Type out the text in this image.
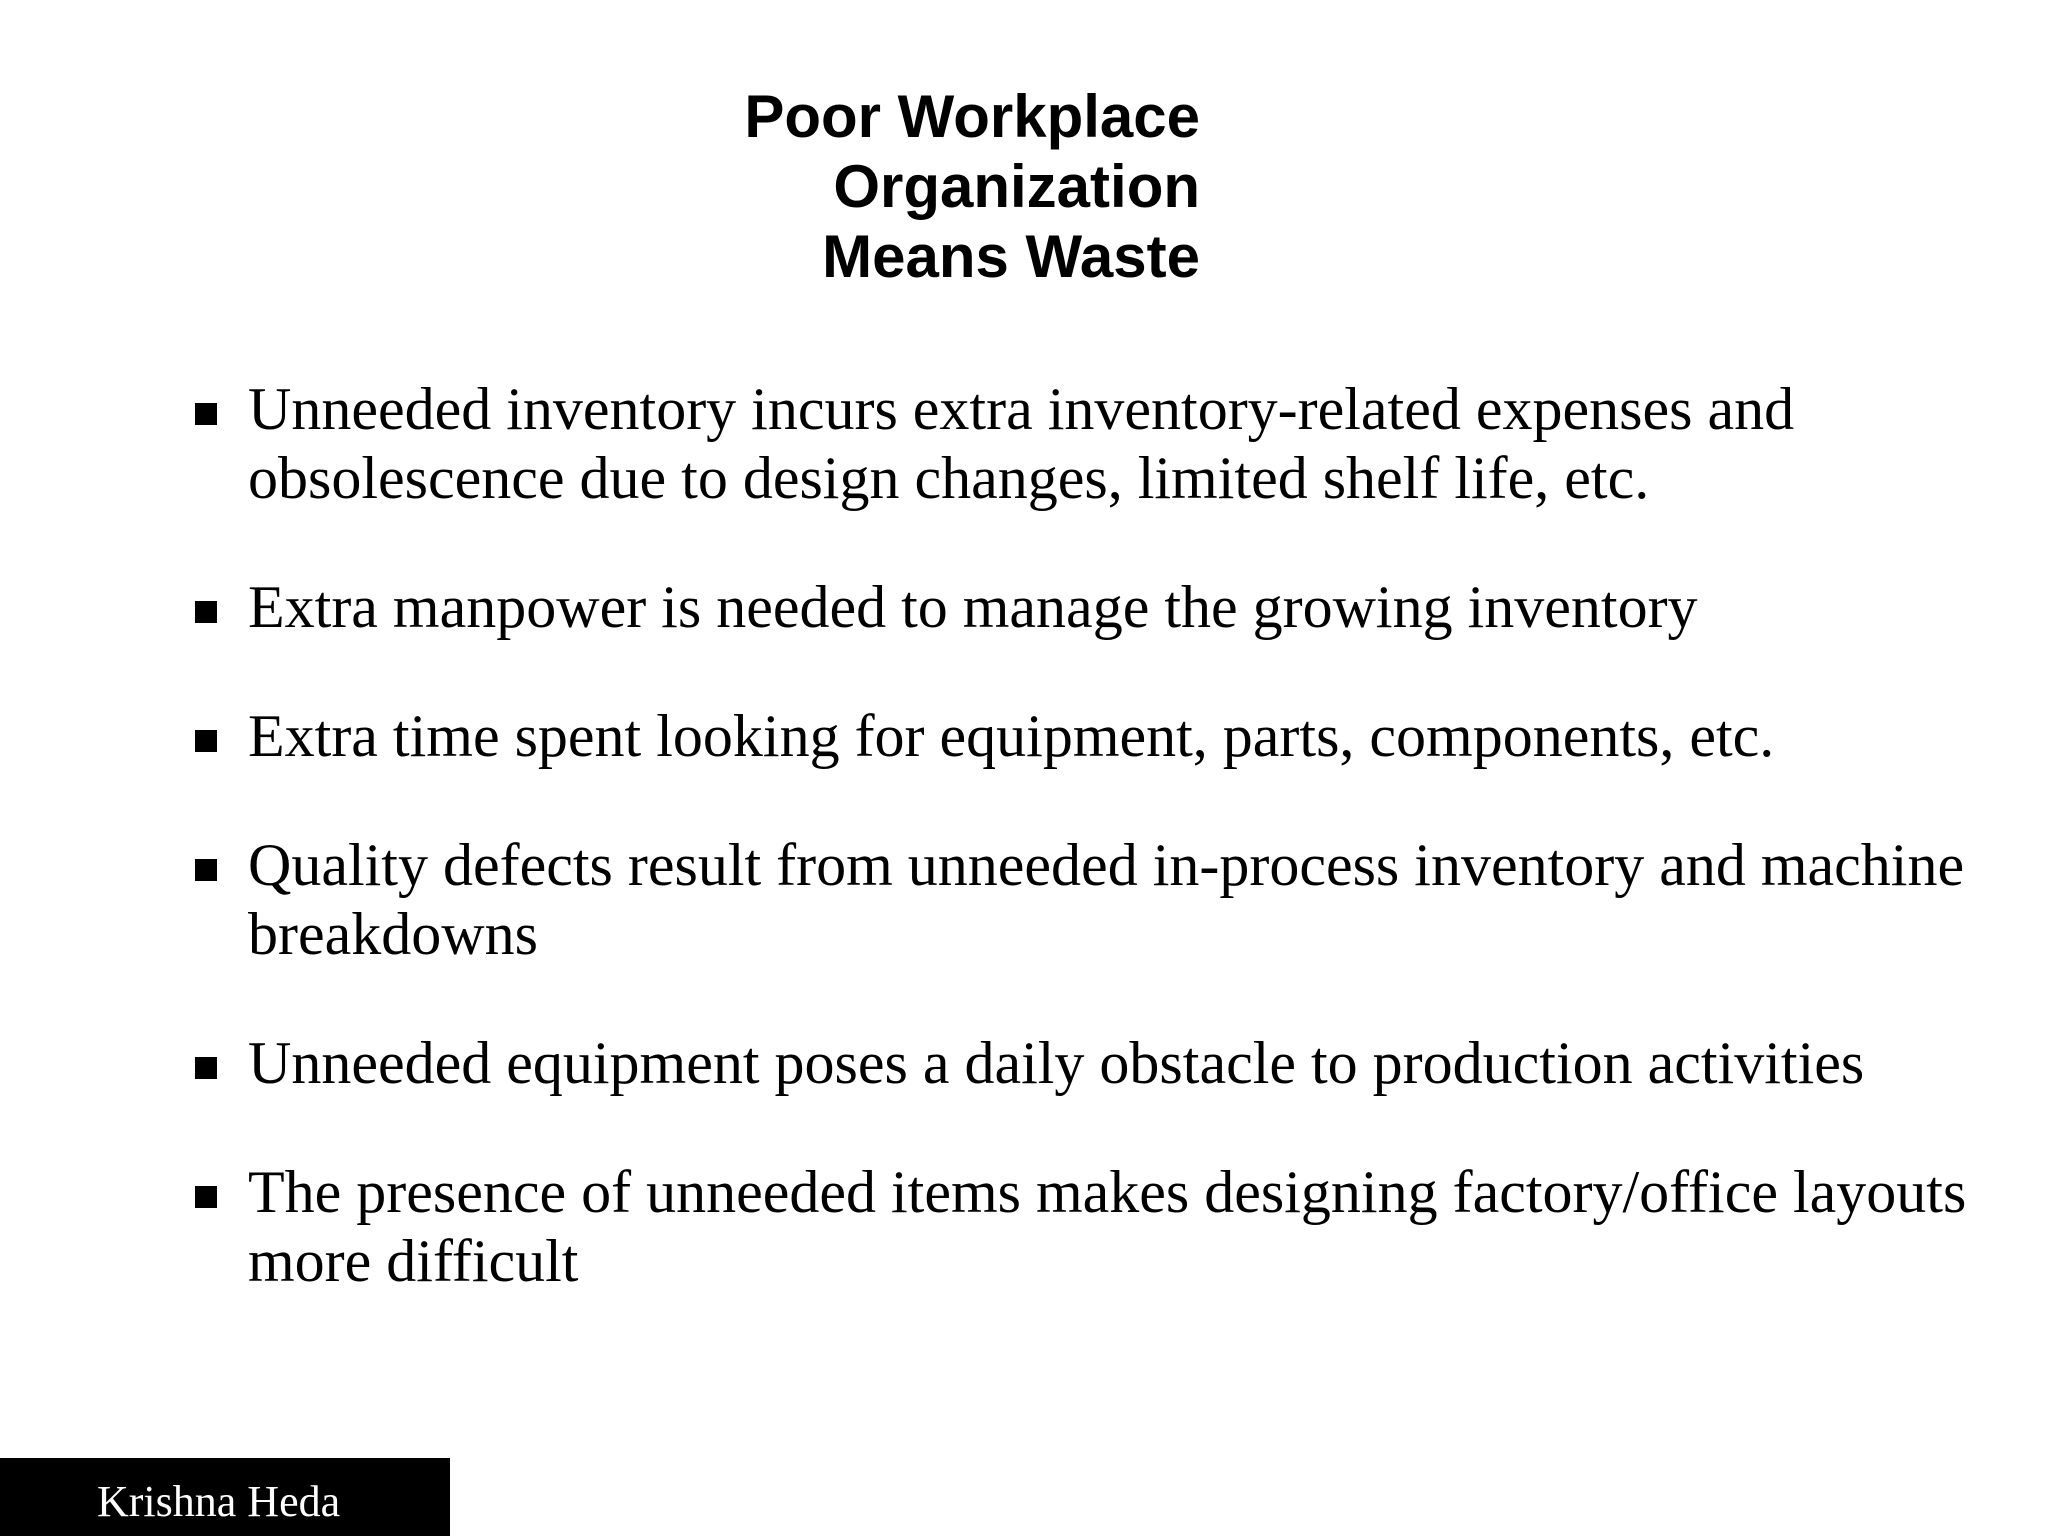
Poor Workplace
Organization
Means Waste
Unneeded inventory incurs extra inventory-related expenses and obsolescence due to design changes, limited shelf life, etc.
Extra manpower is needed to manage the growing inventory
Extra time spent looking for equipment, parts, components, etc.
Quality defects result from unneeded in-process inventory and machine breakdowns
Unneeded equipment poses a daily obstacle to production activities
The presence of unneeded items makes designing factory/office layouts more difficult
Krishna Heda
